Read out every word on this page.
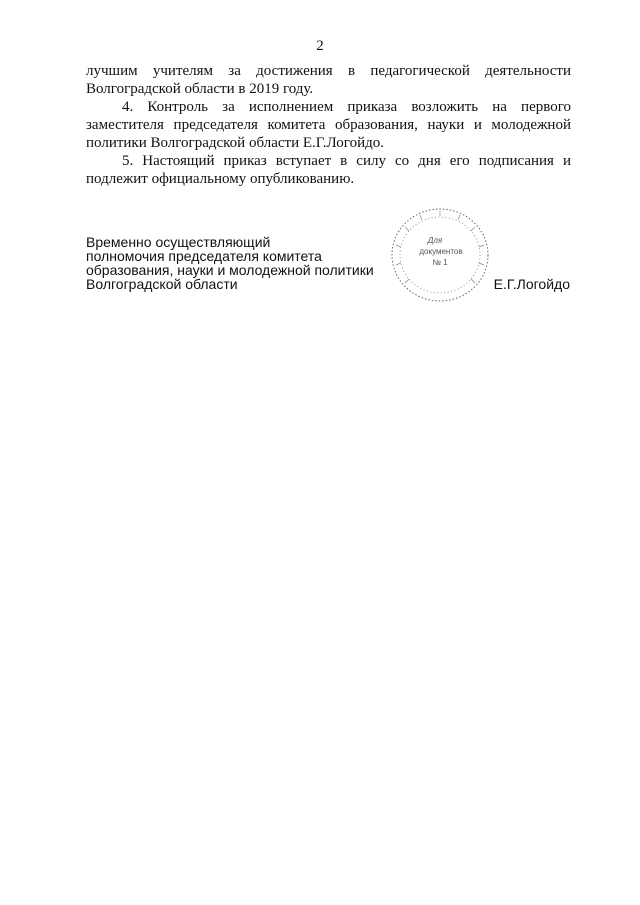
2

лучшим учителям за достижения в педагогической деятельности Волгоградской области в 2019 году.

4. Контроль за исполнением приказа возложить на первого заместителя председателя комитета образования, науки и молодежной политики Волгоградской области Е.Г.Логойдо.

5. Настоящий приказ вступает в силу со дня его подписания и подлежит официальному опубликованию.

Временно осуществляющий
полномочия председателя комитета
образования, науки и молодежной политики
Волгоградской области
Для
документов
№ 1
Е.Г.Логойдо
